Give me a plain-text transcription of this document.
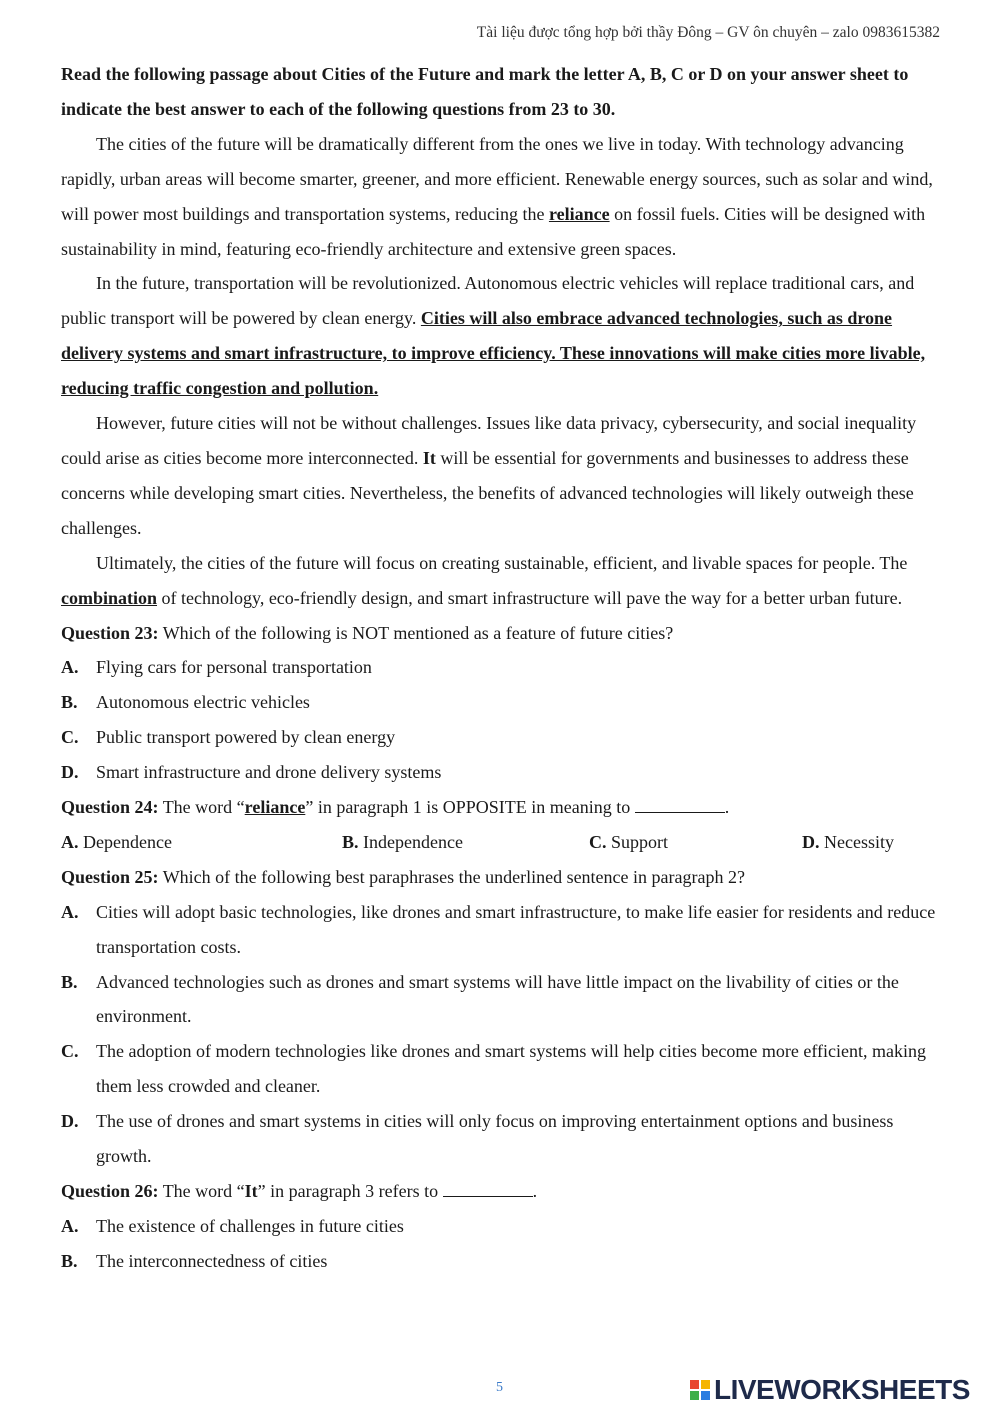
Tài liệu được tổng hợp bởi thầy Đông – GV ôn chuyên – zalo 0983615382
Read the following passage about Cities of the Future and mark the letter A, B, C or D on your answer sheet to indicate the best answer to each of the following questions from 23 to 30.
The cities of the future will be dramatically different from the ones we live in today. With technology advancing rapidly, urban areas will become smarter, greener, and more efficient. Renewable energy sources, such as solar and wind, will power most buildings and transportation systems, reducing the reliance on fossil fuels. Cities will be designed with sustainability in mind, featuring eco-friendly architecture and extensive green spaces.
In the future, transportation will be revolutionized. Autonomous electric vehicles will replace traditional cars, and public transport will be powered by clean energy. Cities will also embrace advanced technologies, such as drone delivery systems and smart infrastructure, to improve efficiency. These innovations will make cities more livable, reducing traffic congestion and pollution.
However, future cities will not be without challenges. Issues like data privacy, cybersecurity, and social inequality could arise as cities become more interconnected. It will be essential for governments and businesses to address these concerns while developing smart cities. Nevertheless, the benefits of advanced technologies will likely outweigh these challenges.
Ultimately, the cities of the future will focus on creating sustainable, efficient, and livable spaces for people. The combination of technology, eco-friendly design, and smart infrastructure will pave the way for a better urban future.
Question 23: Which of the following is NOT mentioned as a feature of future cities?
A. Flying cars for personal transportation
B. Autonomous electric vehicles
C. Public transport powered by clean energy
D. Smart infrastructure and drone delivery systems
Question 24: The word “reliance” in paragraph 1 is OPPOSITE in meaning to	.
A. Dependence	B. Independence	C. Support	D. Necessity
Question 25: Which of the following best paraphrases the underlined sentence in paragraph 2?
A. Cities will adopt basic technologies, like drones and smart infrastructure, to make life easier for residents and reduce transportation costs.
B. Advanced technologies such as drones and smart systems will have little impact on the livability of cities or the environment.
C. The adoption of modern technologies like drones and smart systems will help cities become more efficient, making them less crowded and cleaner.
D. The use of drones and smart systems in cities will only focus on improving entertainment options and business growth.
Question 26: The word “It” in paragraph 3 refers to	.
A. The existence of challenges in future cities
B. The interconnectedness of cities
5	LIVEWORKSHEETS
